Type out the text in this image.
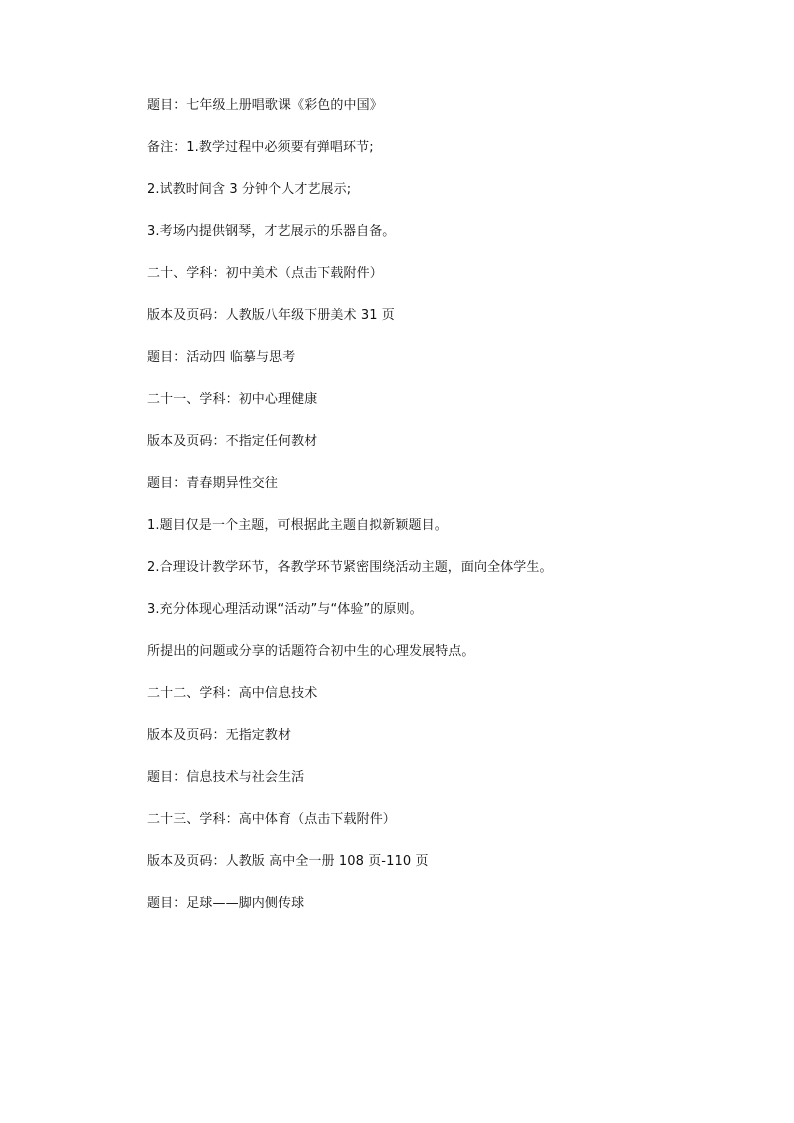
题目：七年级上册唱歌课《彩色的中国》
备注：1.教学过程中必须要有弹唱环节;
2.试教时间含 3 分钟个人才艺展示;
3.考场内提供钢琴，才艺展示的乐器自备。
二十、学科：初中美术（点击下载附件）
版本及页码：人教版八年级下册美术 31 页
题目：活动四 临摹与思考
二十一、学科：初中心理健康
版本及页码：不指定任何教材
题目：青春期异性交往
1.题目仅是一个主题，可根据此主题自拟新颖题目。
2.合理设计教学环节，各教学环节紧密围绕活动主题，面向全体学生。
3.充分体现心理活动课“活动”与“体验”的原则。
所提出的问题或分享的话题符合初中生的心理发展特点。
二十二、学科：高中信息技术
版本及页码：无指定教材
题目：信息技术与社会生活
二十三、学科：高中体育（点击下载附件）
版本及页码：人教版 高中全一册 108 页-110 页
题目：足球——脚内侧传球
